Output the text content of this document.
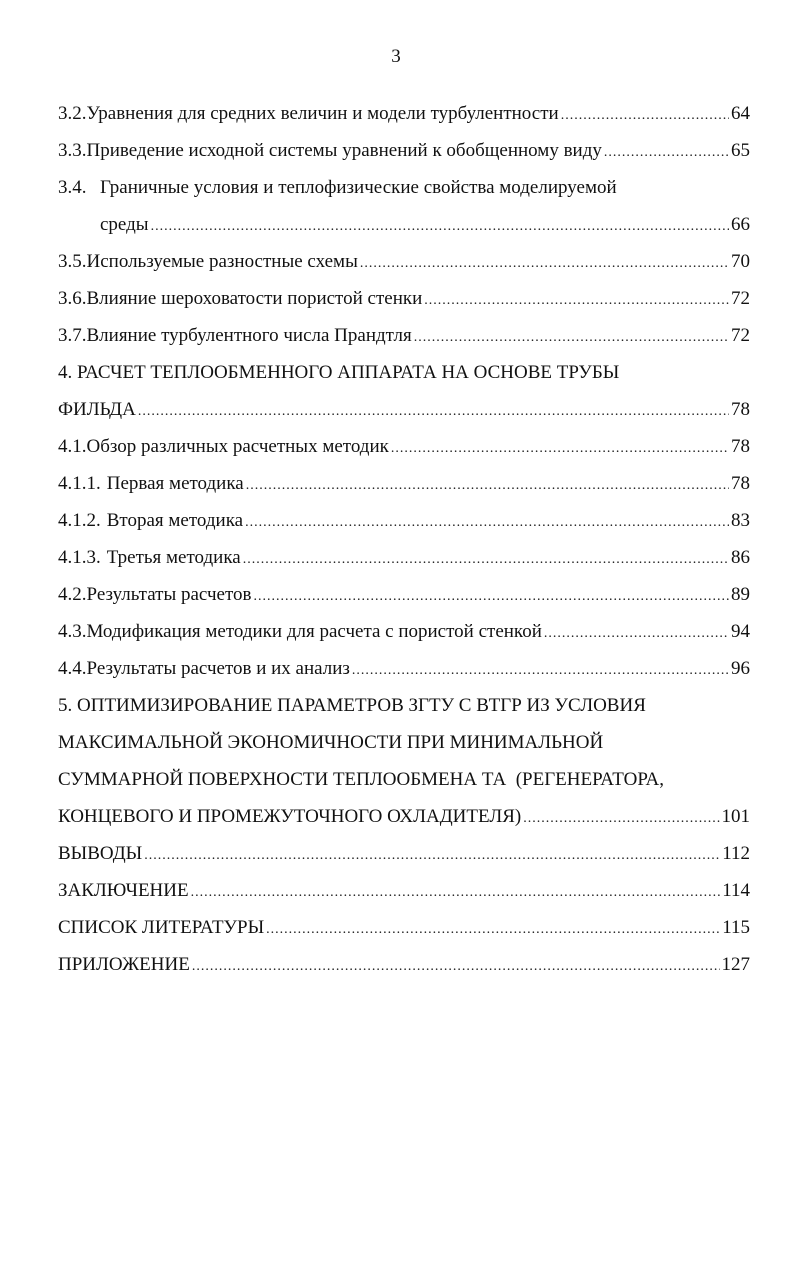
3
3.2. Уравнения для средних величин и модели турбулентности .....	64
3.3. Приведение исходной системы уравнений к обобщенному виду .....	65
3.4. Граничные условия и теплофизические свойства моделируемой
среды .....	66
3.5. Используемые разностные схемы .....	70
3.6. Влияние шероховатости пористой стенки .....	72
3.7. Влияние турбулентного числа Прандтля .....	72
4. РАСЧЕТ ТЕПЛООБМЕННОГО АППАРАТА НА ОСНОВЕ ТРУБЫ
ФИЛЬДА .....	78
4.1. Обзор различных расчетных методик .....	78
4.1.1. Первая методика .....	78
4.1.2. Вторая методика .....	83
4.1.3. Третья методика .....	86
4.2. Результаты расчетов .....	89
4.3. Модификация методики для расчета с пористой стенкой .....	94
4.4. Результаты расчетов и их анализ .....	96
5. ОПТИМИЗИРОВАНИЕ ПАРАМЕТРОВ ЗГТУ С ВТГР ИЗ УСЛОВИЯ
МАКСИМАЛЬНОЙ ЭКОНОМИЧНОСТИ ПРИ МИНИМАЛЬНОЙ
СУММАРНОЙ ПОВЕРХНОСТИ ТЕПЛООБМЕНА ТА  (РЕГЕНЕРАТОРА,
КОНЦЕВОГО И ПРОМЕЖУТОЧНОГО ОХЛАДИТЕЛЯ) .....	101
ВЫВОДЫ .....	112
ЗАКЛЮЧЕНИЕ .....	114
СПИСОК ЛИТЕРАТУРЫ .....	115
ПРИЛОЖЕНИЕ .....	127
